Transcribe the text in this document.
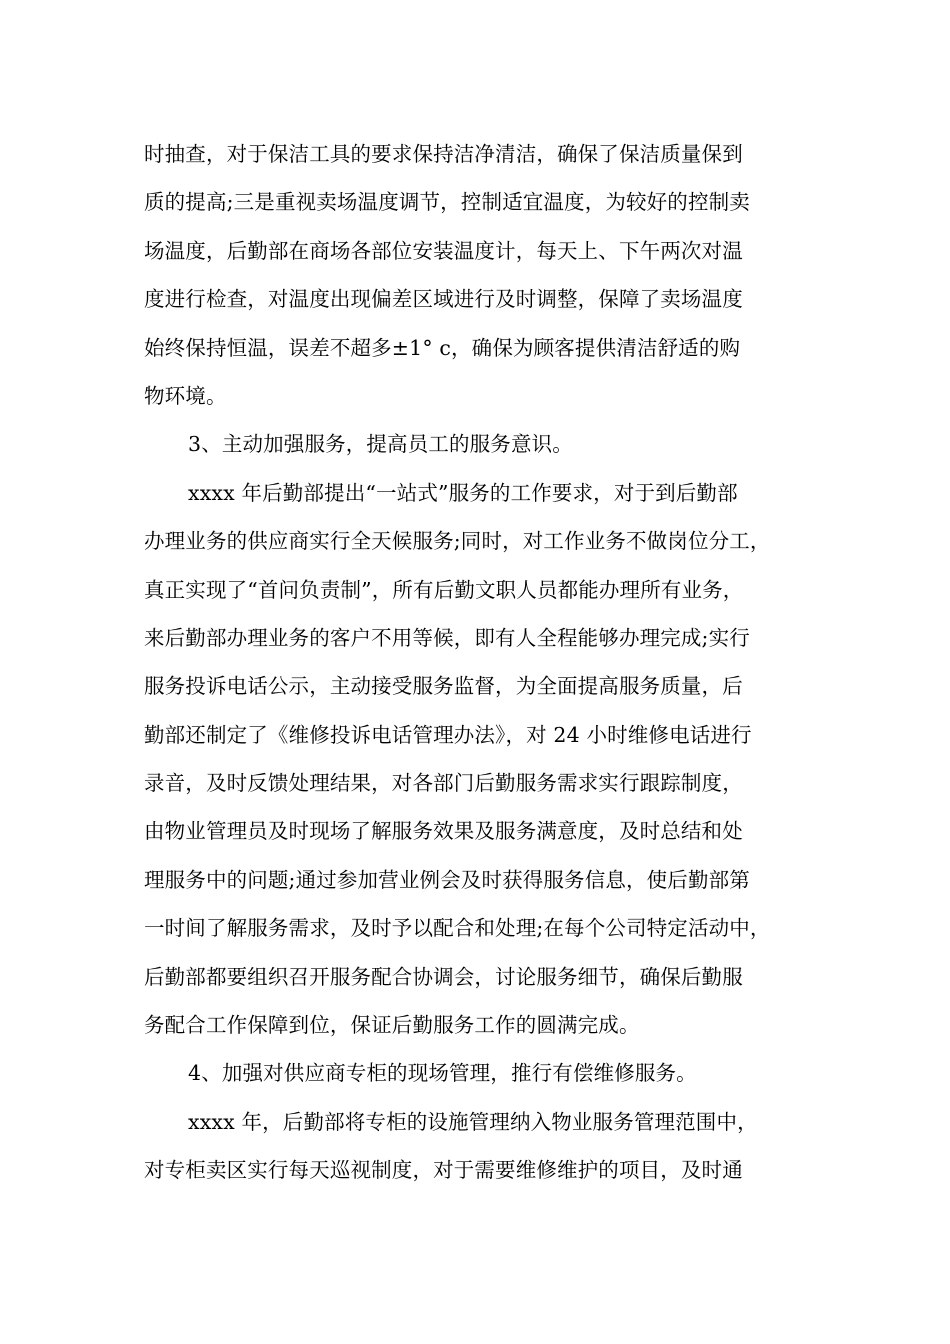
时抽查，对于保洁工具的要求保持洁净清洁，确保了保洁质量保到

质的提高;三是重视卖场温度调节，控制适宜温度，为较好的控制卖

场温度，后勤部在商场各部位安装温度计，每天上、下午两次对温

度进行检查，对温度出现偏差区域进行及时调整，保障了卖场温度

始终保持恒温，误差不超多±1° c，确保为顾客提供清洁舒适的购

物环境。

3、主动加强服务，提高员工的服务意识。

xxxx 年后勤部提出“一站式”服务的工作要求，对于到后勤部

办理业务的供应商实行全天候服务;同时，对工作业务不做岗位分工，

真正实现了“首问负责制”，所有后勤文职人员都能办理所有业务，

来后勤部办理业务的客户不用等候，即有人全程能够办理完成;实行

服务投诉电话公示，主动接受服务监督，为全面提高服务质量，后

勤部还制定了《维修投诉电话管理办法》，对 24 小时维修电话进行

录音，及时反馈处理结果，对各部门后勤服务需求实行跟踪制度，

由物业管理员及时现场了解服务效果及服务满意度，及时总结和处

理服务中的问题;通过参加营业例会及时获得服务信息，使后勤部第

一时间了解服务需求，及时予以配合和处理;在每个公司特定活动中，

后勤部都要组织召开服务配合协调会，讨论服务细节，确保后勤服

务配合工作保障到位，保证后勤服务工作的圆满完成。

4、加强对供应商专柜的现场管理，推行有偿维修服务。

xxxx 年，后勤部将专柜的设施管理纳入物业服务管理范围中，

对专柜卖区实行每天巡视制度，对于需要维修维护的项目，及时通
